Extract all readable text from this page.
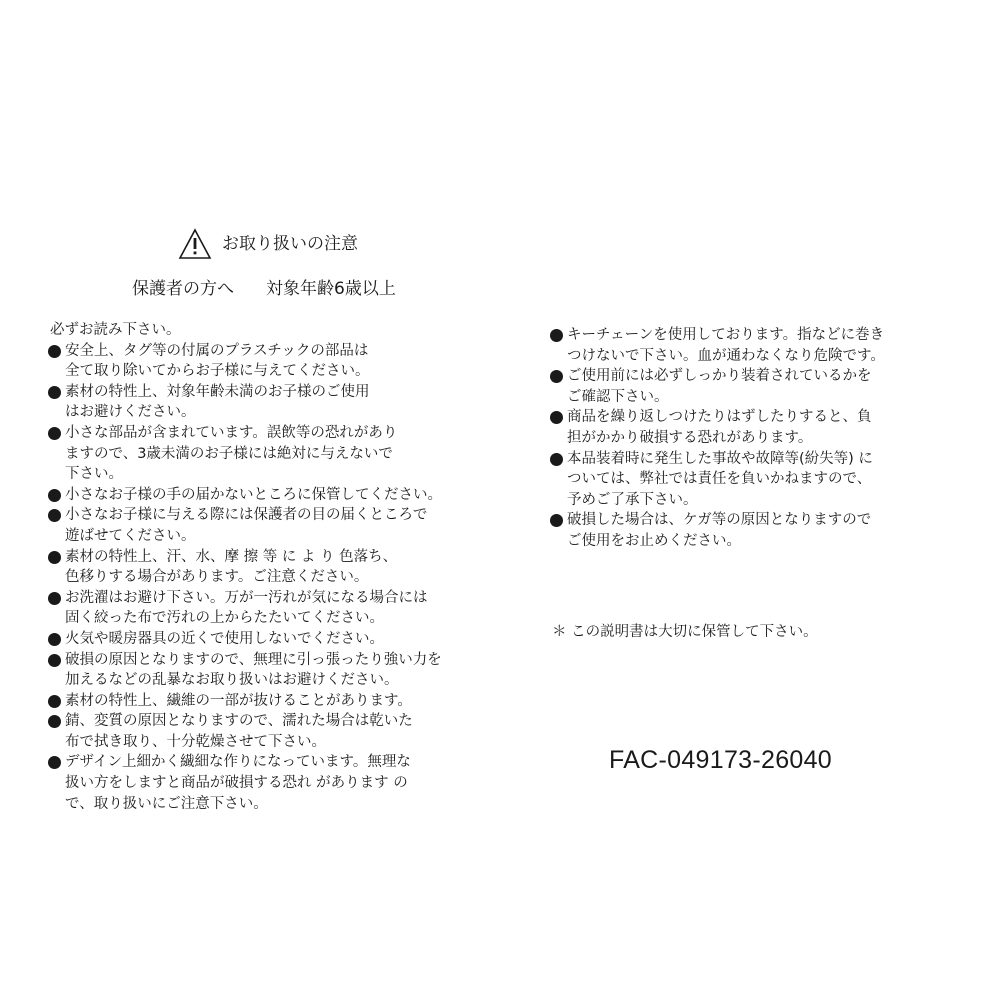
お取り扱いの注意
保護者の方へ 対象年齢6歳以上
必ずお読み下さい。
安全上、タグ等の付属のプラスチックの部品は
全て取り除いてからお子様に与えてください。
素材の特性上、対象年齢未満のお子様のご使用
はお避けください。
小さな部品が含まれています。誤飲等の恐れがあり
ますので、3歳未満のお子様には絶対に与えないで
下さい。
小さなお子様の手の届かないところに保管してください。
小さなお子様に与える際には保護者の目の届くところで
遊ばせてください。
素材の特性上、汗、水、摩 擦 等 に よ り 色落ち、
色移りする場合があります。ご注意ください。
お洗濯はお避け下さい。万が一汚れが気になる場合には
固く絞った布で汚れの上からたたいてください。
火気や暖房器具の近くで使用しないでください。
破損の原因となりますので、無理に引っ張ったり強い力を
加えるなどの乱暴なお取り扱いはお避けください。
素材の特性上、繊維の一部が抜けることがあります。
錆、変質の原因となりますので、濡れた場合は乾いた
布で拭き取り、十分乾燥させて下さい。
デザイン上細かく繊細な作りになっています。無理な
扱い方をしますと商品が破損する恐れ があります の
で、取り扱いにご注意下さい。
キーチェーンを使用しております。指などに巻き
つけないで下さい。血が通わなくなり危険です。
ご使用前には必ずしっかり装着されているかを
ご確認下さい。
商品を繰り返しつけたりはずしたりすると、負
担がかかり破損する恐れがあります。
本品装着時に発生した事故や故障等(紛失等) に
ついては、弊社では責任を負いかねますので、
予めご了承下さい。
破損した場合は、ケガ等の原因となりますので
ご使用をお止めください。
＊ この説明書は大切に保管して下さい。
FAC-049173-26040
